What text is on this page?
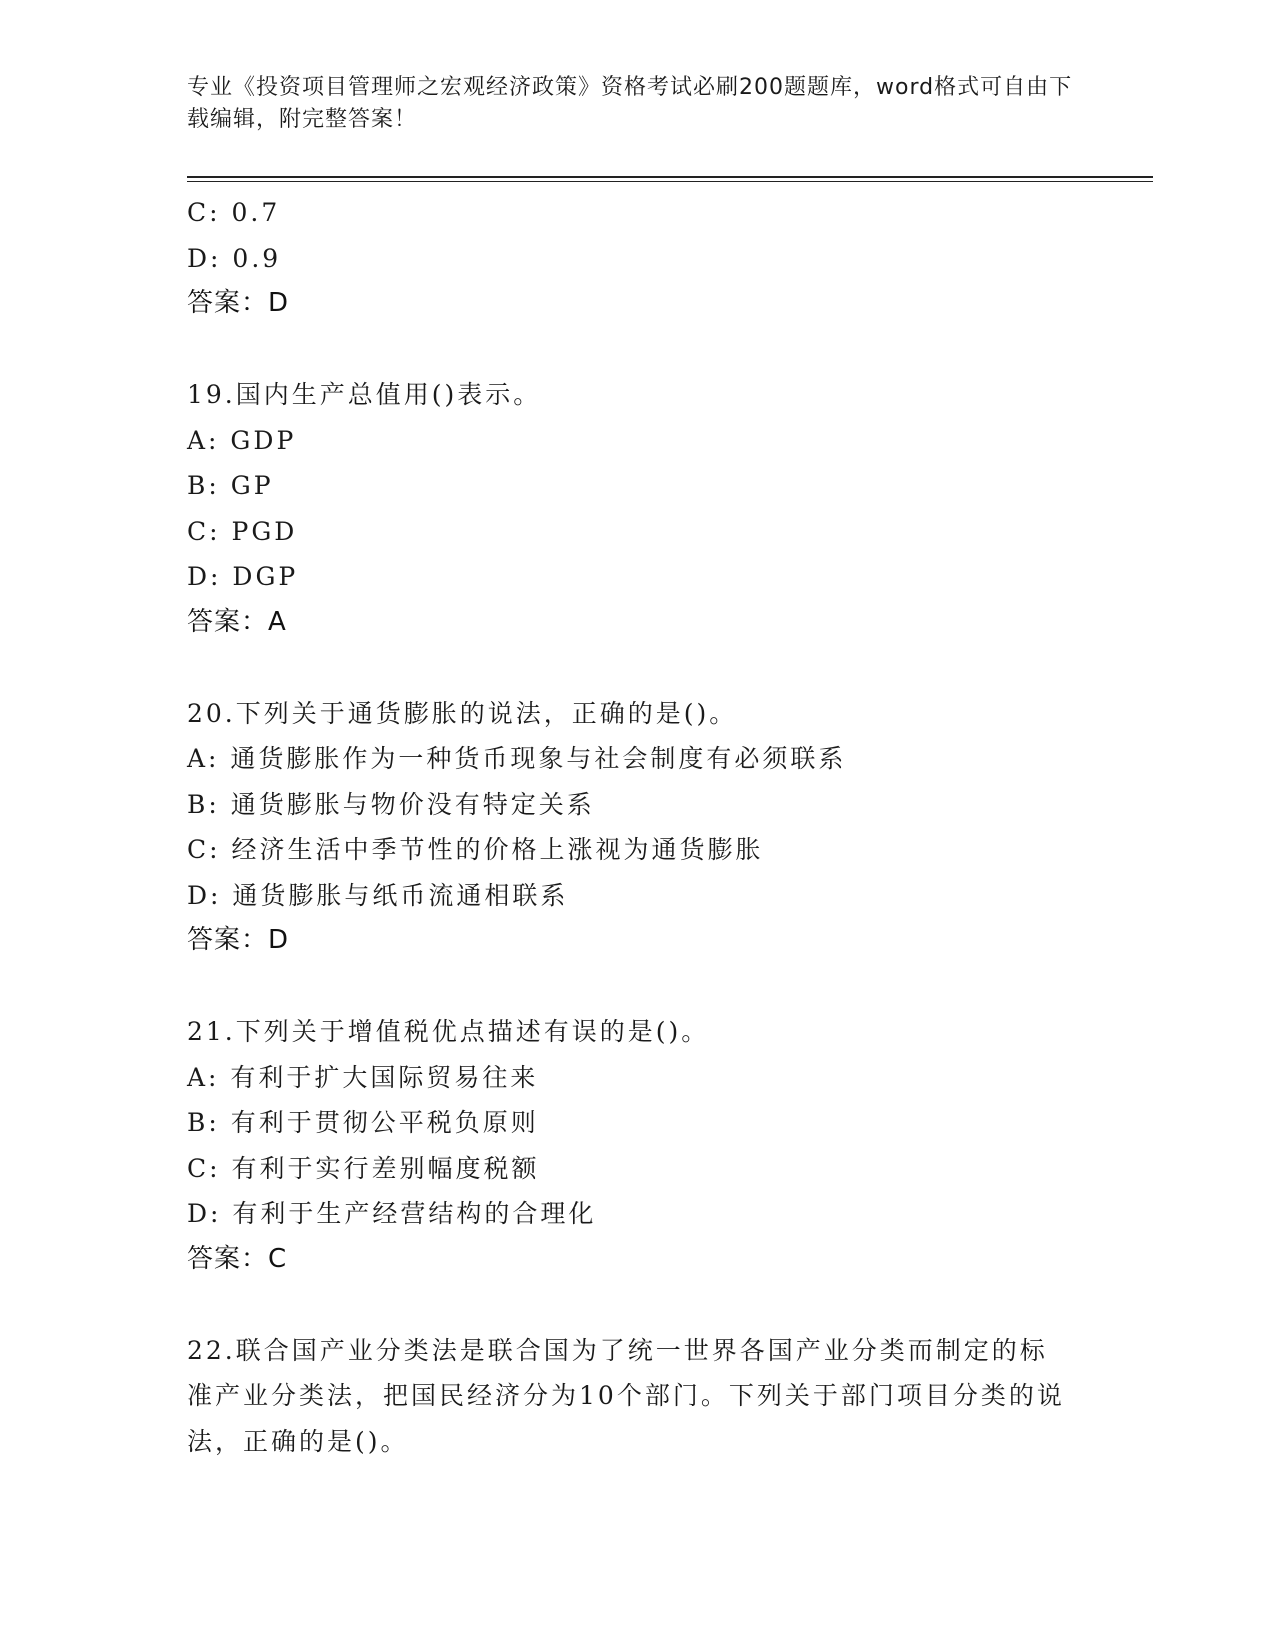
专业《投资项目管理师之宏观经济政策》资格考试必刷200题题库，word格式可自由下载编辑，附完整答案！
C: 0.7
D: 0.9
答案：D
19.国内生产总值用()表示。
A: GDP
B: GP
C: PGD
D: DGP
答案：A
20.下列关于通货膨胀的说法，正确的是()。
A: 通货膨胀作为一种货币现象与社会制度有必须联系
B: 通货膨胀与物价没有特定关系
C: 经济生活中季节性的价格上涨视为通货膨胀
D: 通货膨胀与纸币流通相联系
答案：D
21.下列关于增值税优点描述有误的是()。
A: 有利于扩大国际贸易往来
B: 有利于贯彻公平税负原则
C: 有利于实行差别幅度税额
D: 有利于生产经营结构的合理化
答案：C
22.联合国产业分类法是联合国为了统一世界各国产业分类而制定的标准产业分类法，把国民经济分为10个部门。下列关于部门项目分类的说法，正确的是()。
